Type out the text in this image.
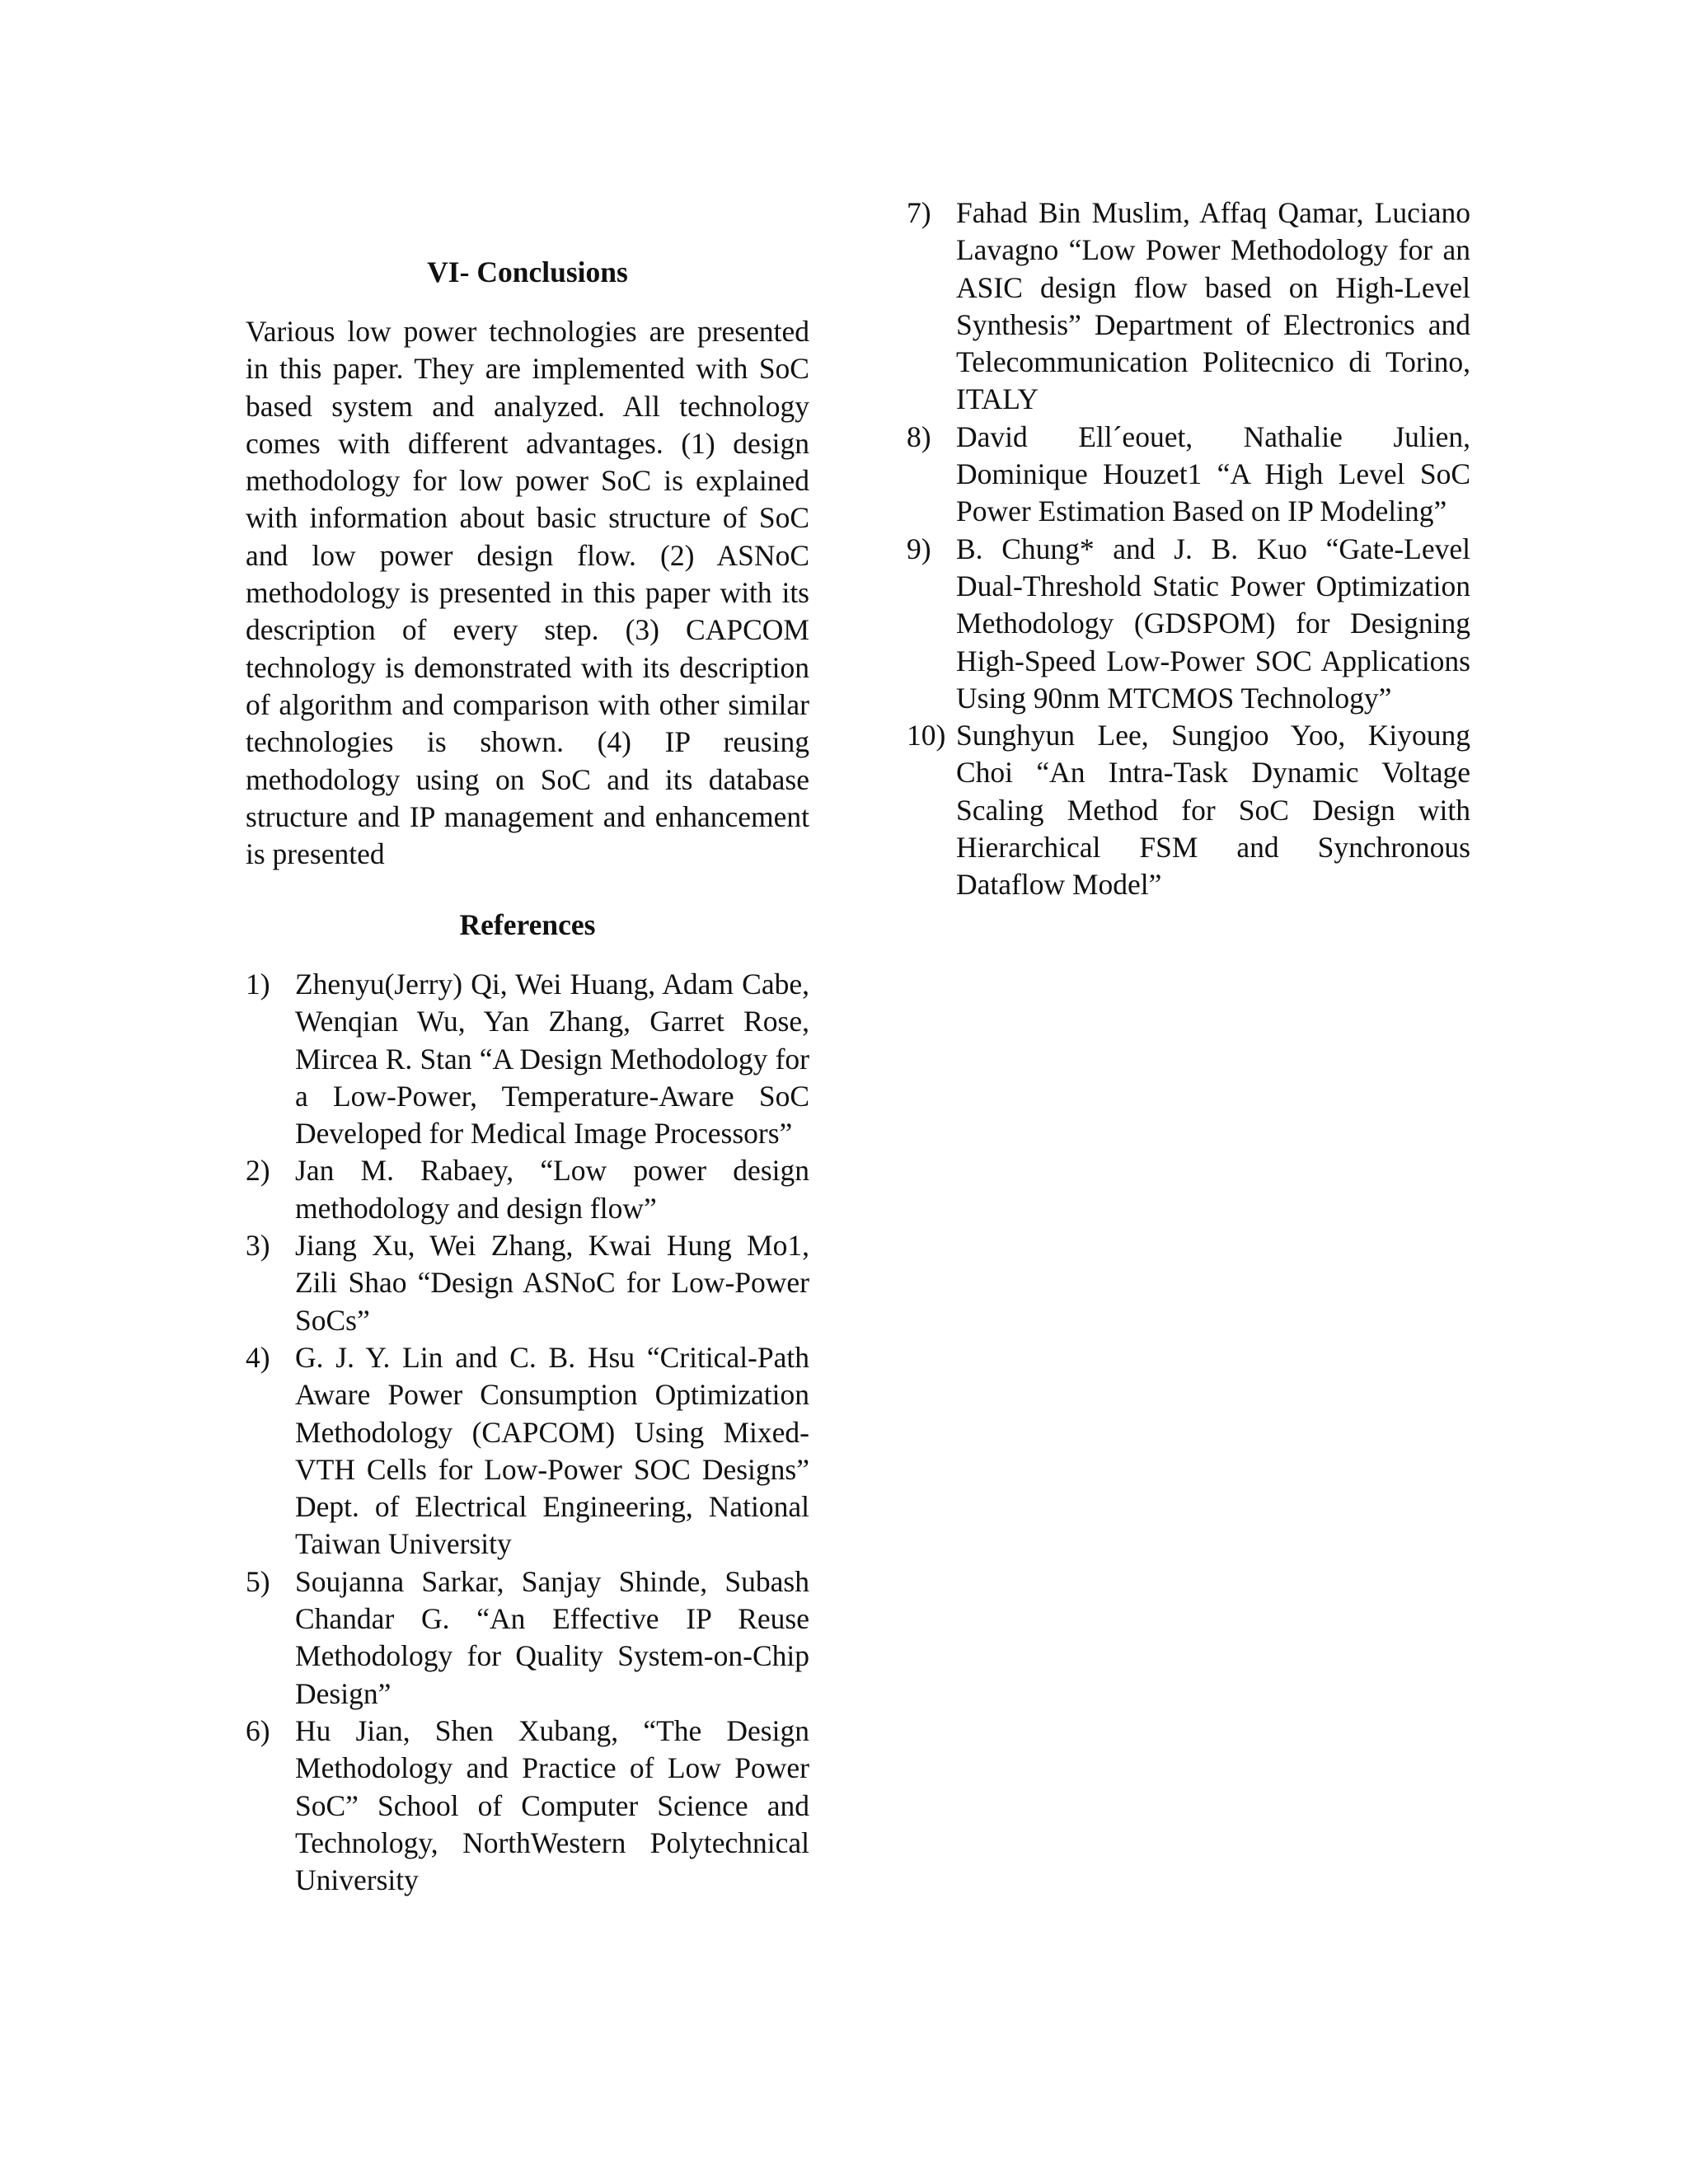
VI- Conclusions

Various low power technologies are presented in this paper. They are implemented with SoC based system and analyzed. All technology comes with different advantages. (1) design methodology for low power SoC is explained with information about basic structure of SoC and low power design flow. (2) ASNoC methodology is presented in this paper with its description of every step. (3) CAPCOM technology is demonstrated with its description of algorithm and comparison with other similar technologies is shown. (4) IP reusing methodology using on SoC and its database structure and IP management and enhancement is presented

References
1) Zhenyu(Jerry) Qi, Wei Huang, Adam Cabe, Wenqian Wu, Yan Zhang, Garret Rose, Mircea R. Stan “A Design Methodology for a Low-Power, Temperature-Aware SoC Developed for Medical Image Processors”
2) Jan M. Rabaey, “Low power design methodology and design flow”
3) Jiang Xu, Wei Zhang, Kwai Hung Mo1, Zili Shao “Design ASNoC for Low-Power SoCs”
4) G. J. Y. Lin and C. B. Hsu “Critical-Path Aware Power Consumption Optimization Methodology (CAPCOM) Using Mixed-VTH Cells for Low-Power SOC Designs” Dept. of Electrical Engineering, National Taiwan University
5) Soujanna Sarkar, Sanjay Shinde, Subash Chandar G. “An Effective IP Reuse Methodology for Quality System-on-Chip Design”
6) Hu Jian, Shen Xubang, “The Design Methodology and Practice of Low Power SoC” School of Computer Science and Technology, NorthWestern Polytechnical University
7) Fahad Bin Muslim, Affaq Qamar, Luciano Lavagno “Low Power Methodology for an ASIC design flow based on High-Level Synthesis” Department of Electronics and Telecommunication Politecnico di Torino, ITALY
8) David Ell´eouet, Nathalie Julien, Dominique Houzet1 “A High Level SoC Power Estimation Based on IP Modeling”
9) B. Chung* and J. B. Kuo “Gate-Level Dual-Threshold Static Power Optimization Methodology (GDSPOM) for Designing High-Speed Low-Power SOC Applications Using 90nm MTCMOS Technology”
10) Sunghyun Lee, Sungjoo Yoo, Kiyoung Choi “An Intra-Task Dynamic Voltage Scaling Method for SoC Design with Hierarchical FSM and Synchronous Dataflow Model”
